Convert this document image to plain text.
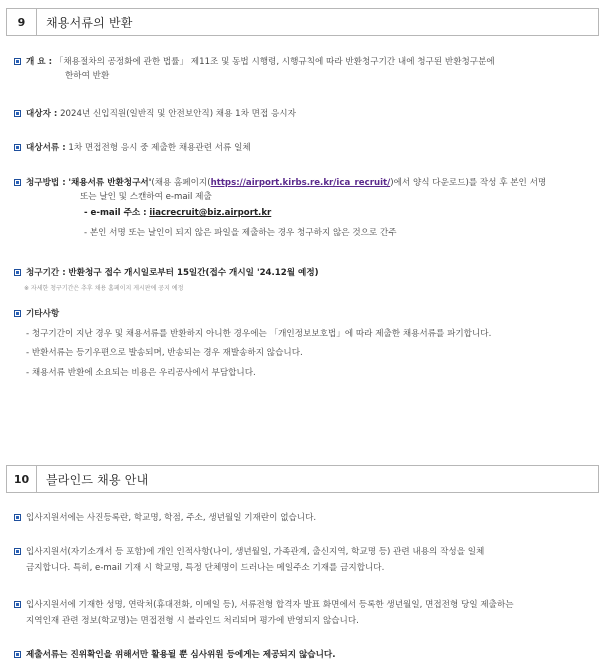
9	채용서류의 반환
개 요 : 「채용절차의 공정화에 관한 법률」 제11조 및 동법 시행령, 시행규칙에 따라 반환청구기간 내에 청구된 반환청구분에
한하여 반환
대상자 : 2024년 신입직원(일반직 및 안전보안직) 채용 1차 면접 응시자
대상서류 : 1차 면접전형 응시 중 제출한 채용관련 서류 일체
청구방법 : '채용서류 반환청구서'(채용 홈페이지(https://airport.kirbs.re.kr/ica_recruit/)에서 양식 다운로드)를 작성 후 본인 서명
또는 날인 및 스캔하여 e-mail 제출
- e-mail 주소 : iiacrecruit@biz.airport.kr
- 본인 서명 또는 날인이 되지 않은 파일을 제출하는 경우 청구하지 않은 것으로 간주
청구기간 : 반환청구 접수 개시일로부터 15일간(접수 개시일 '24.12월 예정)
※ 자세한 청구기간은 추후 채용 홈페이지 게시판에 공지 예정
기타사항
- 청구기간이 지난 경우 및 채용서류를 반환하지 아니한 경우에는 「개인정보보호법」에 따라 제출한 채용서류를 파기합니다.
- 반환서류는 등기우편으로 발송되며, 반송되는 경우 재발송하지 않습니다.
- 채용서류 반환에 소요되는 비용은 우리공사에서 부담합니다.
10	블라인드 채용 안내
입사지원서에는 사진등록란, 학교명, 학점, 주소, 생년월일 기재란이 없습니다.
입사지원서(자기소개서 등 포함)에 개인 인적사항(나이, 생년월일, 가족관계, 출신지역, 학교명 등) 관련 내용의 작성을 일체
금지합니다. 특히, e-mail 기재 시 학교명, 특정 단체명이 드러나는 메일주소 기재를 금지합니다.
입사지원서에 기재한 성명, 연락처(휴대전화, 이메일 등), 서류전형 합격자 발표 화면에서 등록한 생년월일, 면접전형 당일 제출하는
지역인재 관련 정보(학교명)는 면접전형 시 블라인드 처리되며 평가에 반영되지 않습니다.
제출서류는 진위확인을 위해서만 활용될 뿐 심사위원 등에게는 제공되지 않습니다.
